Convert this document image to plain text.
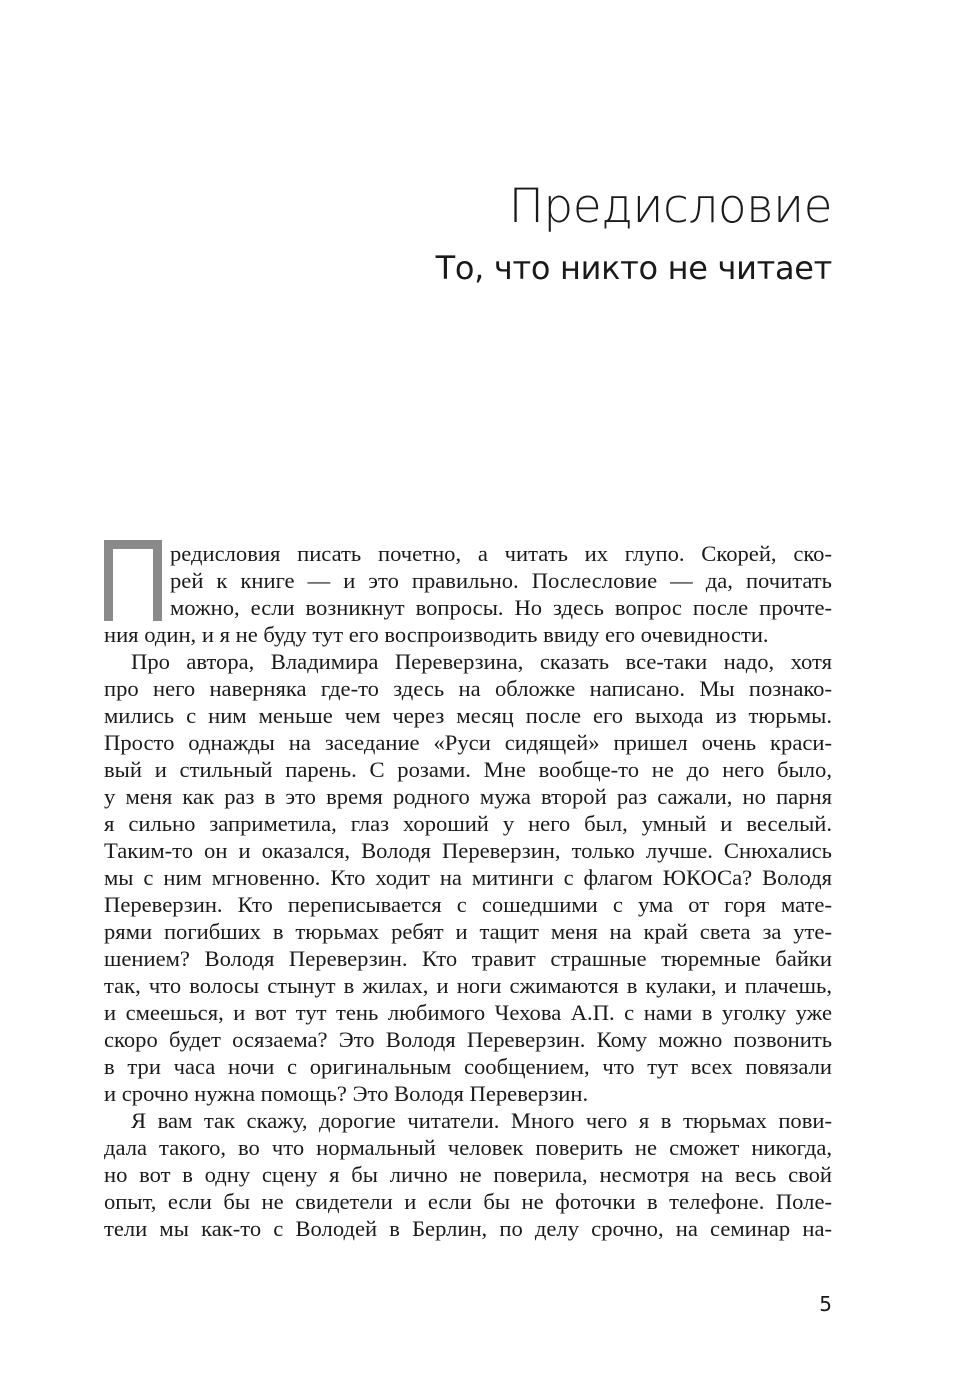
Предисловие
То, что никто не читает
редисловия писать почетно, а читать их глупо. Скорей, ско-
рей к книге — и это правильно. Послесловие — да, почитать
можно, если возникнут вопросы. Но здесь вопрос после прочте-
ния один, и я не буду тут его воспроизводить ввиду его очевидности.
Про автора, Владимира Переверзина, сказать все-таки надо, хотя
про него наверняка где-то здесь на обложке написано. Мы познако-
мились с ним меньше чем через месяц после его выхода из тюрьмы.
Просто однажды на заседание «Руси сидящей» пришел очень краси-
вый и стильный парень. С розами. Мне вообще-то не до него было,
у меня как раз в это время родного мужа второй раз сажали, но парня
я сильно заприметила, глаз хороший у него был, умный и веселый.
Таким-то он и оказался, Володя Переверзин, только лучше. Снюхались
мы с ним мгновенно. Кто ходит на митинги с флагом ЮКОСа? Володя
Переверзин. Кто переписывается с сошедшими с ума от горя мате-
рями погибших в тюрьмах ребят и тащит меня на край света за уте-
шением? Володя Переверзин. Кто травит страшные тюремные байки
так, что волосы стынут в жилах, и ноги сжимаются в кулаки, и плачешь,
и смеешься, и вот тут тень любимого Чехова А.П. с нами в уголку уже
скоро будет осязаема? Это Володя Переверзин. Кому можно позвонить
в три часа ночи с оригинальным сообщением, что тут всех повязали
и срочно нужна помощь? Это Володя Переверзин.
Я вам так скажу, дорогие читатели. Много чего я в тюрьмах пови-
дала такого, во что нормальный человек поверить не сможет никогда,
но вот в одну сцену я бы лично не поверила, несмотря на весь свой
опыт, если бы не свидетели и если бы не фоточки в телефоне. Поле-
тели мы как-то с Володей в Берлин, по делу срочно, на семинар на-
5
